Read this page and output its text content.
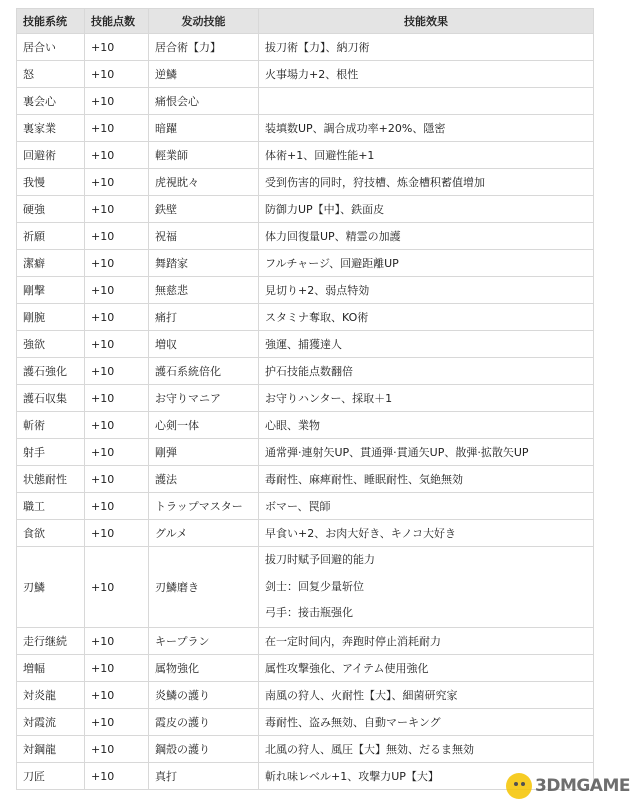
技能系统	技能点数	发动技能	技能效果
居合い	+10	居合術【力】	拔刀術【力】、納刀術
怒	+10	逆鱗	火事場力+2、根性
裏会心	+10	痛恨会心	
裏家業	+10	暗躍	装填数UP、調合成功率+20%、隱密
回避術	+10	輕業師	体術+1、回避性能+1
我慢	+10	虎視眈々	受到伤害的同时，狩技槽、炼金槽积蓄值增加
硬強	+10	鉄壁	防御力UP【中】、鉄面皮
祈願	+10	祝福	体力回復量UP、精霊の加護
潔癖	+10	舞踏家	フルチャージ、回避距離UP
剛撃	+10	無慈悲	見切り+2、弱点特効
剛腕	+10	痛打	スタミナ奪取、KO術
強欲	+10	増収	強運、捕獲達人
護石強化	+10	護石系統倍化	护石技能点数翻倍
護石収集	+10	お守りマニア	お守りハンター、採取＋1
斬術	+10	心剣一体	心眼、業物
射手	+10	剛弾	通常弾·連射矢UP、貫通弾·貫通矢UP、散弾·拡散矢UP
状態耐性	+10	護法	毒耐性、麻痺耐性、睡眠耐性、気絶無効
職工	+10	トラップマスター	ボマー、罠師
食欲	+10	グルメ	早食い+2、お肉大好き、キノコ大好き
刃鱗	+10	刃鱗磨き	拔刀时赋予回避的能力
剑士：回复少量斩位
弓手：接击瓶强化

走行继続	+10	キープラン	在一定时间内，奔跑时停止消耗耐力
増幅	+10	属物強化	属性攻撃強化、アイテム使用強化
対炎龍	+10	炎鱗の護り	南風の狩人、火耐性【大】、細菌研究家
対霞流	+10	霞皮の護り	毒耐性、盗み無効、自動マーキング
対鋼龍	+10	鋼殻の護り	北風の狩人、風圧【大】無効、だるま無効
刀匠	+10	真打	斬れ味レベル+1、攻撃力UP【大】	3DMGAME
